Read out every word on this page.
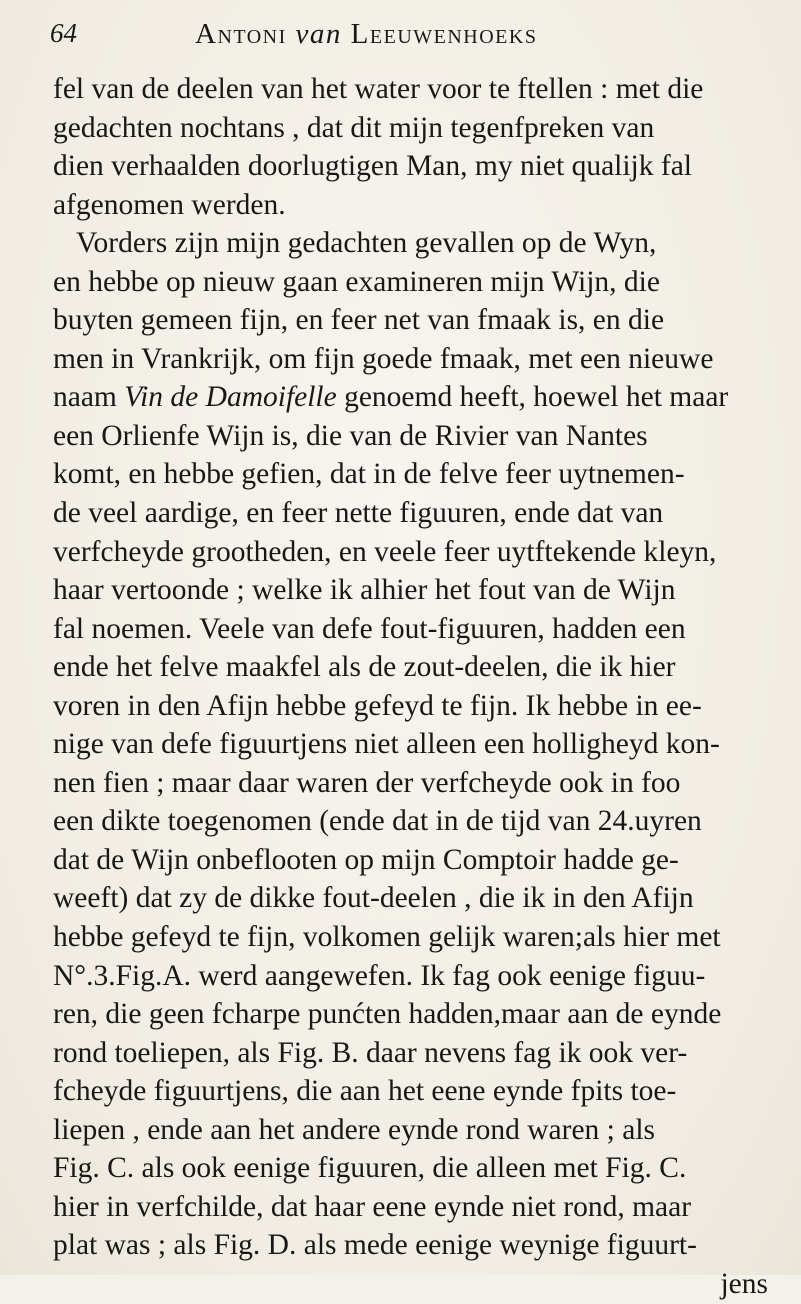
64	Antoni van Leeuwenhoeks
fel van de deelen van het water voor te ftellen : met die
gedachten nochtans , dat dit mijn tegenfpreken van
dien verhaalden doorlugtigen Man, my niet qualijk fal
afgenomen werden.
Vorders zijn mijn gedachten gevallen op de Wyn,
en hebbe op nieuw gaan examineren mijn Wijn, die
buyten gemeen fijn, en feer net van fmaak is, en die
men in Vrankrijk, om fijn goede fmaak, met een nieuwe
naam Vin de Damoifelle genoemd heeft, hoewel het maar
een Orlienfe Wijn is, die van de Rivier van Nantes
komt, en hebbe gefien, dat in de felve feer uytnemen-
de veel aardige, en feer nette figuuren, ende dat van
verfcheyde grootheden, en veele feer uytftekende kleyn,
haar vertoonde ; welke ik alhier het fout van de Wijn
fal noemen. Veele van defe fout-figuuren, hadden een
ende het felve maakfel als de zout-deelen, die ik hier
voren in den Afijn hebbe gefeyd te fijn. Ik hebbe in ee-
nige van defe figuurtjens niet alleen een holligheyd kon-
nen fien ; maar daar waren der verfcheyde ook in foo
een dikte toegenomen (ende dat in de tijd van 24.uyren
dat de Wijn onbeflooten op mijn Comptoir hadde ge-
weeft) dat zy de dikke fout-deelen , die ik in den Afijn
hebbe gefeyd te fijn, volkomen gelijk waren;als hier met
N°.3.Fig.A. werd aangewefen. Ik fag ook eenige figuu-
ren, die geen fcharpe punćten hadden,maar aan de eynde
rond toeliepen, als Fig. B. daar nevens fag ik ook ver-
fcheyde figuurtjens, die aan het eene eynde fpits toe-
liepen , ende aan het andere eynde rond waren ; als
Fig. C. als ook eenige figuuren, die alleen met Fig. C.
hier in verfchilde, dat haar eene eynde niet rond, maar
plat was ; als Fig. D. als mede eenige weynige figuurt-
jens
